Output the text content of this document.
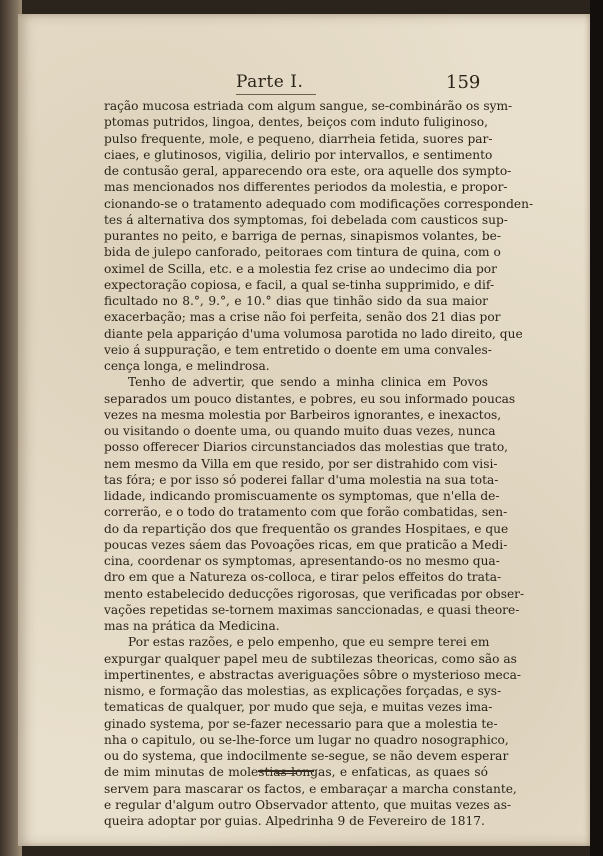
Parte I.	159
ração mucosa estriada com algum sangue, se-combinárão os sym-
ptomas putridos, lingoa, dentes, beiços com induto fuliginoso,
pulso frequente, mole, e pequeno, diarrheia fetida, suores par-
ciaes, e glutinosos, vigilia, delirio por intervallos, e sentimento
de contusão geral, apparecendo ora este, ora aquelle dos sympto-
mas mencionados nos differentes periodos da molestia, e propor-
cionando-se o tratamento adequado com modificações corresponden-
tes á alternativa dos symptomas, foi debelada com causticos sup-
purantes no peito, e barriga de pernas, sinapismos volantes, be-
bida de julepo canforado, peitoraes com tintura de quina, com o
oximel de Scilla, etc. e a molestia fez crise ao undecimo dia por
expectoração copiosa, e facil, a qual se-tinha supprimido, e dif-
ficultado no 8.°, 9.°, e 10.° dias que tinhão sido da sua maior
exacerbação; mas a crise não foi perfeita, senão dos 21 dias por
diante pela appariçáo d'uma volumosa parotida no lado direito, que
veio á suppuração, e tem entretido o doente em uma convales-
cença longa, e melindrosa.
Tenho de advertir, que sendo a minha clinica em Povos
separados um pouco distantes, e pobres, eu sou informado poucas
vezes na mesma molestia por Barbeiros ignorantes, e inexactos,
ou visitando o doente uma, ou quando muito duas vezes, nunca
posso offerecer Diarios circunstanciados das molestias que trato,
nem mesmo da Villa em que resido, por ser distrahido com visi-
tas fóra; e por isso só poderei fallar d'uma molestia na sua tota-
lidade, indicando promiscuamente os symptomas, que n'ella de-
correrão, e o todo do tratamento com que forão combatidas, sen-
do da repartição dos que frequentão os grandes Hospitaes, e que
poucas vezes sáem das Povoações ricas, em que praticão a Medi-
cina, coordenar os symptomas, apresentando-os no mesmo qua-
dro em que a Natureza os-colloca, e tirar pelos effeitos do trata-
mento estabelecido deducções rigorosas, que verificadas por obser-
vações repetidas se-tornem maximas sanccionadas, e quasi theore-
mas na prática da Medicina.
Por estas razões, e pelo empenho, que eu sempre terei em
expurgar qualquer papel meu de subtilezas theoricas, como são as
impertinentes, e abstractas averiguações sôbre o mysterioso meca-
nismo, e formação das molestias, as explicações forçadas, e sys-
tematicas de qualquer, por mudo que seja, e muitas vezes ima-
ginado systema, por se-fazer necessario para que a molestia te-
nha o capitulo, ou se-lhe-force um lugar no quadro nosographico,
ou do systema, que indocilmente se-segue, se não devem esperar
de mim minutas de molestias longas, e enfaticas, as quaes só
servem para mascarar os factos, e embaraçar a marcha constante,
e regular d'algum outro Observador attento, que muitas vezes as-
queira adoptar por guias. Alpedrinha 9 de Fevereiro de 1817.
